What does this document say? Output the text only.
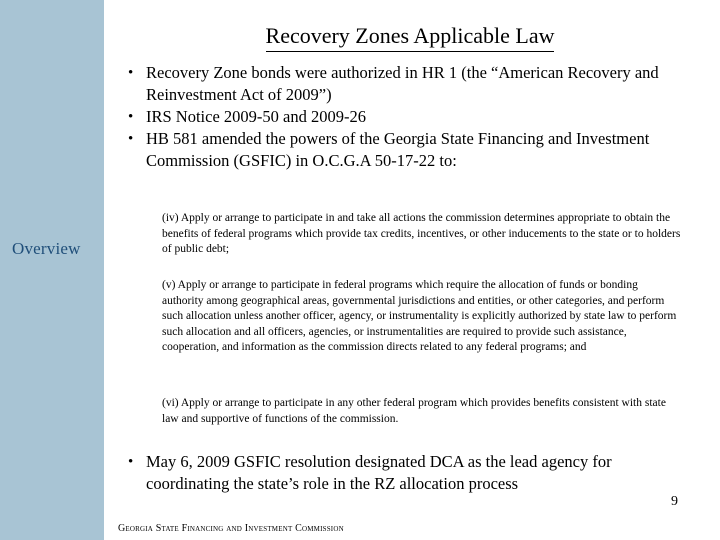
Recovery Zones Applicable Law
• Recovery Zone bonds were authorized in HR 1 (the “American Recovery and Reinvestment Act of 2009”)
• IRS Notice 2009-50 and 2009-26
• HB 581 amended the powers of the Georgia State Financing and Investment Commission (GSFIC) in O.C.G.A 50-17-22 to:
Overview
(iv) Apply or arrange to participate in and take all actions the commission determines appropriate to obtain the benefits of federal programs which provide tax credits, incentives, or other inducements to the state or to holders of public debt;
(v) Apply or arrange to participate in federal programs which require the allocation of funds or bonding authority among geographical areas, governmental jurisdictions and entities, or other categories, and perform such allocation unless another officer, agency, or instrumentality is explicitly authorized by state law to perform such allocation and all officers, agencies, or instrumentalities are required to provide such assistance, cooperation, and information as the commission directs related to any federal programs; and
(vi) Apply or arrange to participate in any other federal program which provides benefits consistent with state law and supportive of functions of the commission.
• May 6, 2009 GSFIC resolution designated DCA as the lead agency for coordinating the state’s role in the RZ allocation process
9
Georgia State Financing and Investment Commission
